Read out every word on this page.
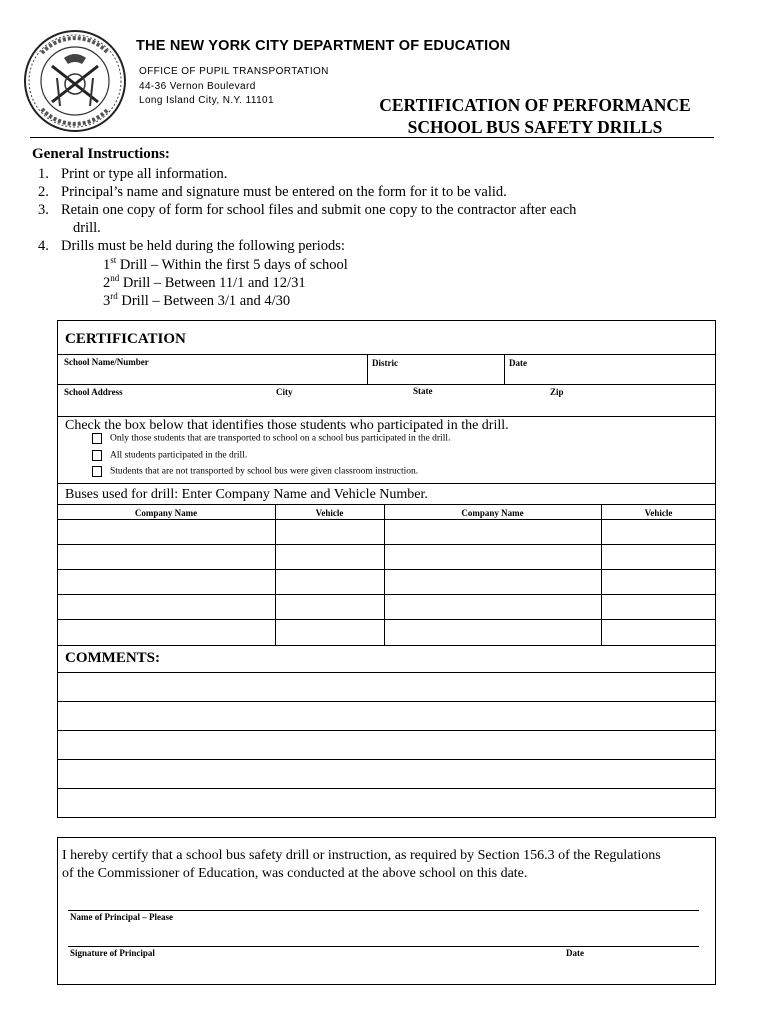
THE NEW YORK CITY DEPARTMENT OF EDUCATION
OFFICE OF PUPIL TRANSPORTATION
44-36 Vernon Boulevard
Long Island City, N.Y. 11101	CERTIFICATION OF PERFORMANCE
SCHOOL BUS SAFETY DRILLS
General Instructions:
1. Print or type all information.
2. Principal’s name and signature must be entered on the form for it to be valid.
3. Retain one copy of form for school files and submit one copy to the contractor after each
drill.
4. Drills must be held during the following periods:
1st Drill – Within the first 5 days of school
2nd Drill – Between 11/1 and 12/31
3rd Drill – Between 3/1 and 4/30
CERTIFICATION
School Name/Number	Distric	Date
School Address	City	State	Zip
Check the box below that identifies those students who participated in the drill.
Only those students that are transported to school on a school bus participated in the drill.
All students participated in the drill.
Students that are not transported by school bus were given classroom instruction.
Buses used for drill: Enter Company Name and Vehicle Number.
Company Name	Vehicle	Company Name	Vehicle
COMMENTS:
I hereby certify that a school bus safety drill or instruction, as required by Section 156.3 of the Regulations
of the Commissioner of Education, was conducted at the above school on this date.
Name of Principal – Please
Signature of Principal	Date
